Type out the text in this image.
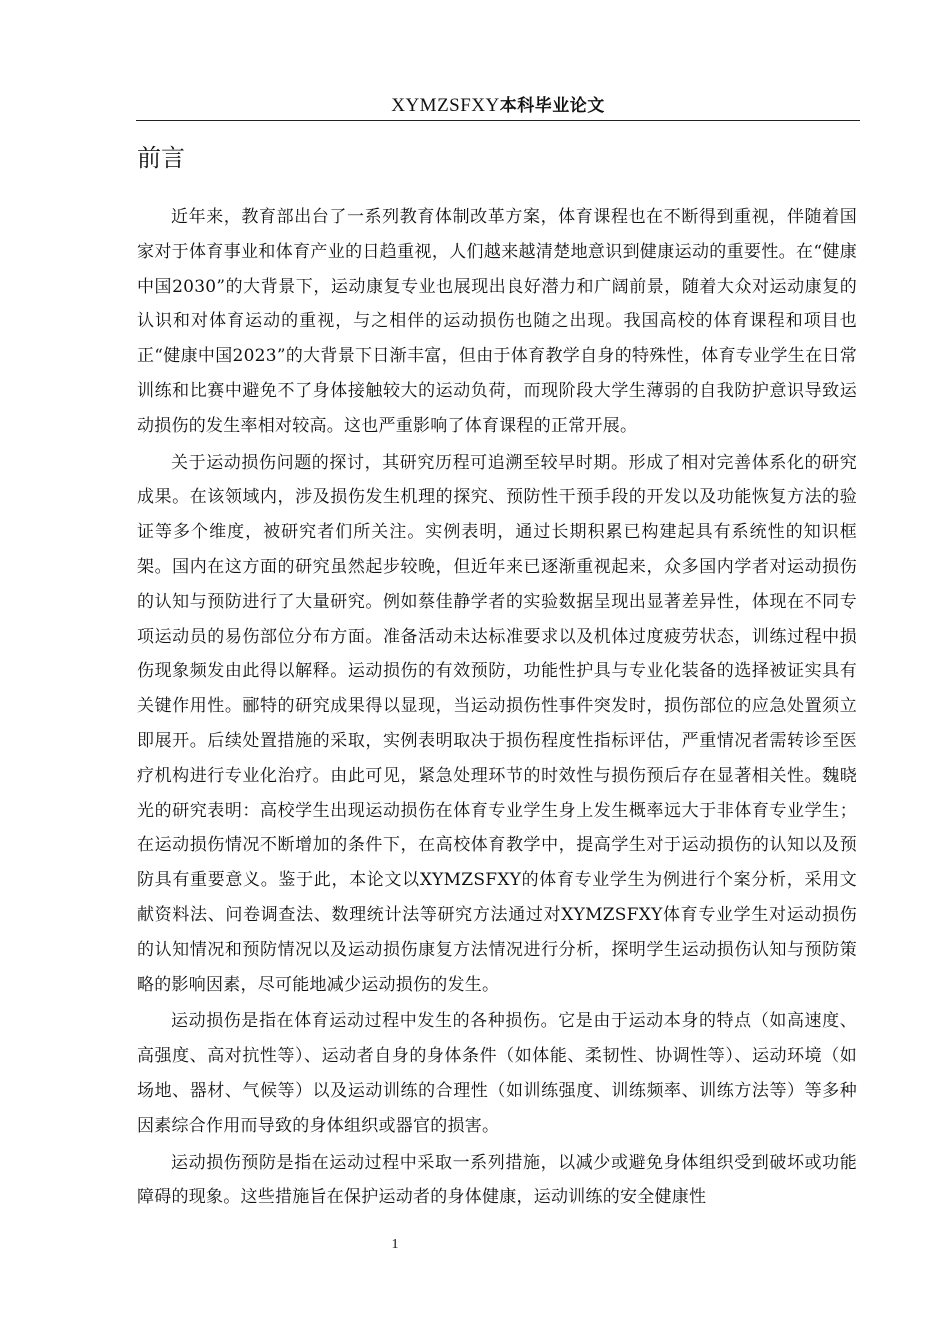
XYMZSFXY本科毕业论文
前言

近年来，教育部出台了一系列教育体制改革方案，体育课程也在不断得到重视，伴随着国家对于体育事业和体育产业的日趋重视，人们越来越清楚地意识到健康运动的重要性。在“健康中国2030”的大背景下，运动康复专业也展现出良好潜力和广阔前景，随着大众对运动康复的认识和对体育运动的重视，与之相伴的运动损伤也随之出现。我国高校的体育课程和项目也正“健康中国2023”的大背景下日渐丰富，但由于体育教学自身的特殊性，体育专业学生在日常训练和比赛中避免不了身体接触较大的运动负荷，而现阶段大学生薄弱的自我防护意识导致运动损伤的发生率相对较高。这也严重影响了体育课程的正常开展。

关于运动损伤问题的探讨，其研究历程可追溯至较早时期。形成了相对完善体系化的研究成果。在该领域内，涉及损伤发生机理的探究、预防性干预手段的开发以及功能恢复方法的验证等多个维度，被研究者们所关注。实例表明，通过长期积累已构建起具有系统性的知识框架。国内在这方面的研究虽然起步较晚，但近年来已逐渐重视起来，众多国内学者对运动损伤的认知与预防进行了大量研究。例如蔡佳静学者的实验数据呈现出显著差异性，体现在不同专项运动员的易伤部位分布方面。准备活动未达标准要求以及机体过度疲劳状态，训练过程中损伤现象频发由此得以解释。运动损伤的有效预防，功能性护具与专业化装备的选择被证实具有关键作用性。郦特的研究成果得以显现，当运动损伤性事件突发时，损伤部位的应急处置须立即展开。后续处置措施的采取，实例表明取决于损伤程度性指标评估，严重情况者需转诊至医疗机构进行专业化治疗。由此可见，紧急处理环节的时效性与损伤预后存在显著相关性。魏晓光的研究表明：高校学生出现运动损伤在体育专业学生身上发生概率远大于非体育专业学生；在运动损伤情况不断增加的条件下，在高校体育教学中，提高学生对于运动损伤的认知以及预防具有重要意义。鉴于此，本论文以XYMZSFXY的体育专业学生为例进行个案分析，采用文献资料法、问卷调查法、数理统计法等研究方法通过对XYMZSFXY体育专业学生对运动损伤的认知情况和预防情况以及运动损伤康复方法情况进行分析，探明学生运动损伤认知与预防策略的影响因素，尽可能地减少运动损伤的发生。

运动损伤是指在体育运动过程中发生的各种损伤。它是由于运动本身的特点（如高速度、高强度、高对抗性等）、运动者自身的身体条件（如体能、柔韧性、协调性等）、运动环境（如场地、器材、气候等）以及运动训练的合理性（如训练强度、训练频率、训练方法等）等多种因素综合作用而导致的身体组织或器官的损害。

运动损伤预防是指在运动过程中采取一系列措施，以减少或避免身体组织受到破坏或功能障碍的现象。这些措施旨在保护运动者的身体健康，运动训练的安全健康性

1
